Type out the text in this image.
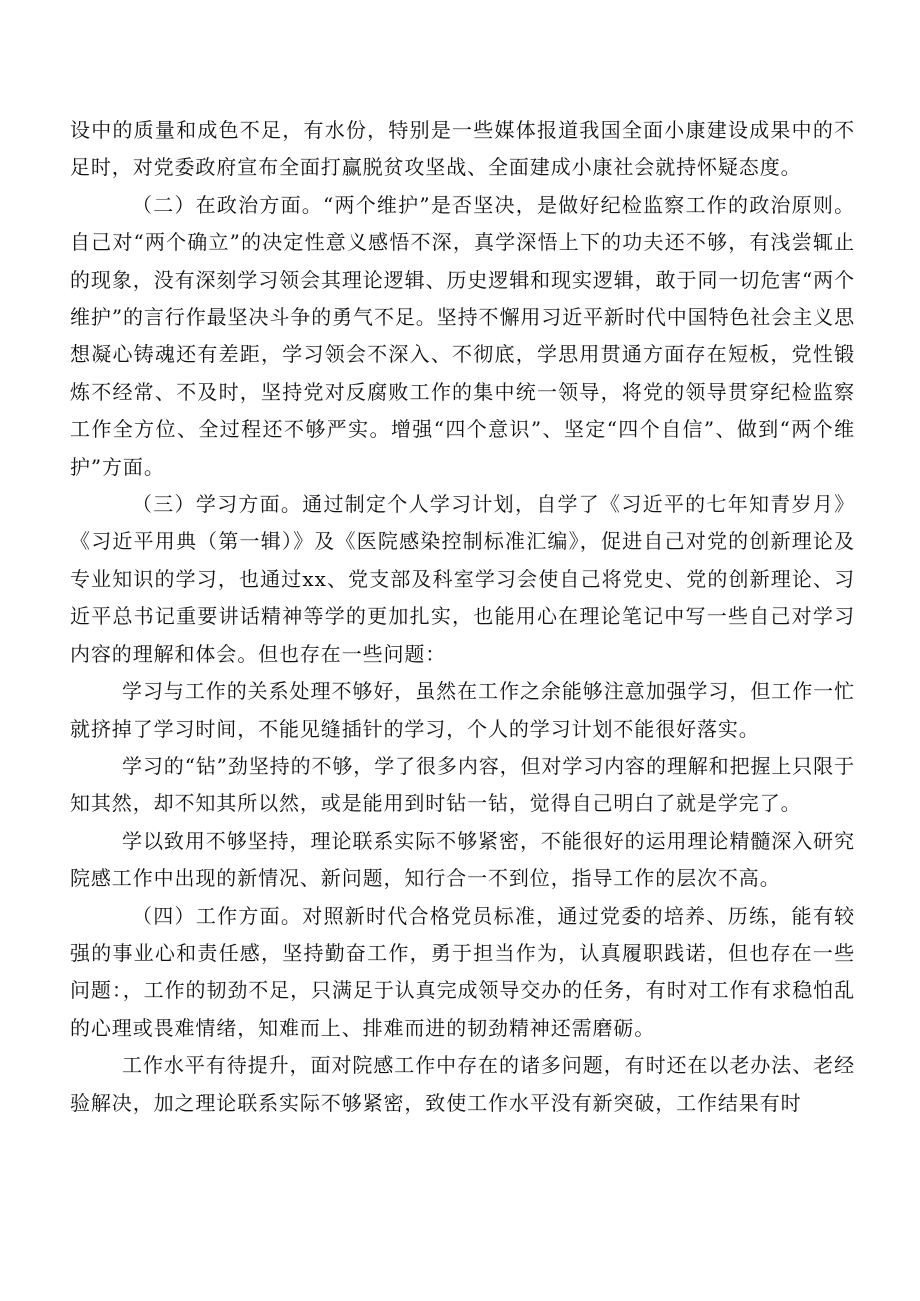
设中的质量和成色不足，有水份，特别是一些媒体报道我国全面小康建设成果中的不足时，对党委政府宣布全面打赢脱贫攻坚战、全面建成小康社会就持怀疑态度。

（二）在政治方面。“两个维护”是否坚决，是做好纪检监察工作的政治原则。自己对“两个确立”的决定性意义感悟不深，真学深悟上下的功夫还不够，有浅尝辄止的现象，没有深刻学习领会其理论逻辑、历史逻辑和现实逻辑，敢于同一切危害“两个维护”的言行作最坚决斗争的勇气不足。坚持不懈用习近平新时代中国特色社会主义思想凝心铸魂还有差距，学习领会不深入、不彻底，学思用贯通方面存在短板，党性锻炼不经常、不及时，坚持党对反腐败工作的集中统一领导，将党的领导贯穿纪检监察工作全方位、全过程还不够严实。增强“四个意识”、坚定“四个自信”、做到“两个维护”方面。

（三）学习方面。通过制定个人学习计划，自学了《习近平的七年知青岁月》《习近平用典（第一辑）》及《医院感染控制标准汇编》，促进自己对党的创新理论及专业知识的学习，也通过xx、党支部及科室学习会使自己将党史、党的创新理论、习近平总书记重要讲话精神等学的更加扎实，也能用心在理论笔记中写一些自己对学习内容的理解和体会。但也存在一些问题：

学习与工作的关系处理不够好，虽然在工作之余能够注意加强学习，但工作一忙就挤掉了学习时间，不能见缝插针的学习，个人的学习计划不能很好落实。

学习的“钻”劲坚持的不够，学了很多内容，但对学习内容的理解和把握上只限于知其然，却不知其所以然，或是能用到时钻一钻，觉得自己明白了就是学完了。

学以致用不够坚持，理论联系实际不够紧密，不能很好的运用理论精髓深入研究院感工作中出现的新情况、新问题，知行合一不到位，指导工作的层次不高。

（四）工作方面。对照新时代合格党员标准，通过党委的培养、历练，能有较强的事业心和责任感，坚持勤奋工作，勇于担当作为，认真履职践诺，但也存在一些问题：，工作的韧劲不足，只满足于认真完成领导交办的任务，有时对工作有求稳怕乱的心理或畏难情绪，知难而上、排难而进的韧劲精神还需磨砺。

工作水平有待提升，面对院感工作中存在的诸多问题，有时还在以老办法、老经验解决，加之理论联系实际不够紧密，致使工作水平没有新突破，工作结果有时
